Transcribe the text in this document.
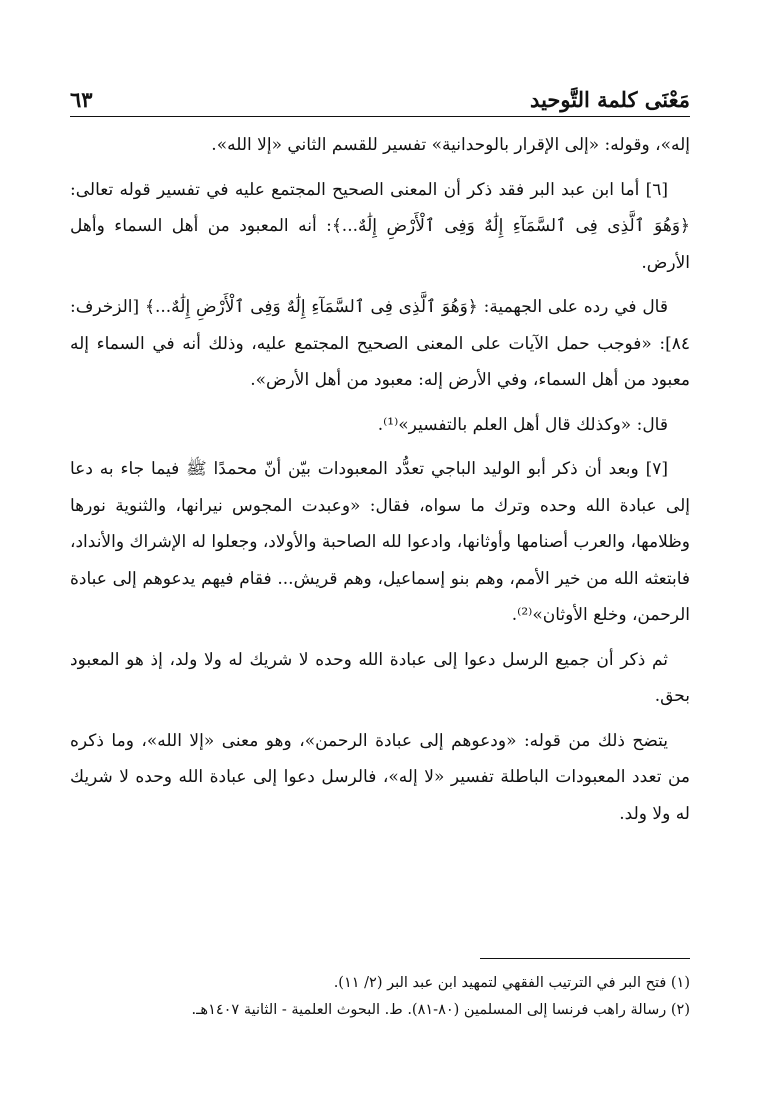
مَعْنَى كلمة التَّوحيد
٦٣

إله»، وقوله: «إلى الإقرار بالوحدانية» تفسير للقسم الثاني «إلا الله».

[٦] أما ابن عبد البر فقد ذكر أن المعنى الصحيح المجتمع عليه في تفسير قوله تعالى: ﴿وَهُوَ ٱلَّذِى فِى ٱلسَّمَآءِ إِلَٰهٌ وَفِى ٱلْأَرْضِ إِلَٰهٌ...﴾: أنه المعبود من أهل السماء وأهل الأرض.

قال في رده على الجهمية: ﴿وَهُوَ ٱلَّذِى فِى ٱلسَّمَآءِ إِلَٰهٌ وَفِى ٱلْأَرْضِ إِلَٰهٌ...﴾ [الزخرف: ٨٤]: «فوجب حمل الآيات على المعنى الصحيح المجتمع عليه، وذلك أنه في السماء إله معبود من أهل السماء، وفي الأرض إله: معبود من أهل الأرض».

قال: «وكذلك قال أهل العلم بالتفسير»⁽¹⁾.

[٧] وبعد أن ذكر أبو الوليد الباجي تعدُّد المعبودات بيّن أنّ محمدًا ﷺ فيما جاء به دعا إلى عبادة الله وحده وترك ما سواه، فقال: «وعبدت المجوس نيرانها، والثنوية نورها وظلامها، والعرب أصنامها وأوثانها، وادعوا لله الصاحبة والأولاد، وجعلوا له الإشراك والأنداد، فابتعثه الله من خير الأمم، وهم بنو إسماعيل، وهم قريش... فقام فيهم يدعوهم إلى عبادة الرحمن، وخلع الأوثان»⁽²⁾.

ثم ذكر أن جميع الرسل دعوا إلى عبادة الله وحده لا شريك له ولا ولد، إذ هو المعبود بحق.

يتضح ذلك من قوله: «ودعوهم إلى عبادة الرحمن»، وهو معنى «إلا الله»، وما ذكره من تعدد المعبودات الباطلة تفسير «لا إله»، فالرسل دعوا إلى عبادة الله وحده لا شريك له ولا ولد.

(١) فتح البر في الترتيب الفقهي لتمهيد ابن عبد البر (٢/ ١١).

(٢) رسالة راهب فرنسا إلى المسلمين (٨٠-٨١). ط. البحوث العلمية - الثانية ١٤٠٧هـ.
